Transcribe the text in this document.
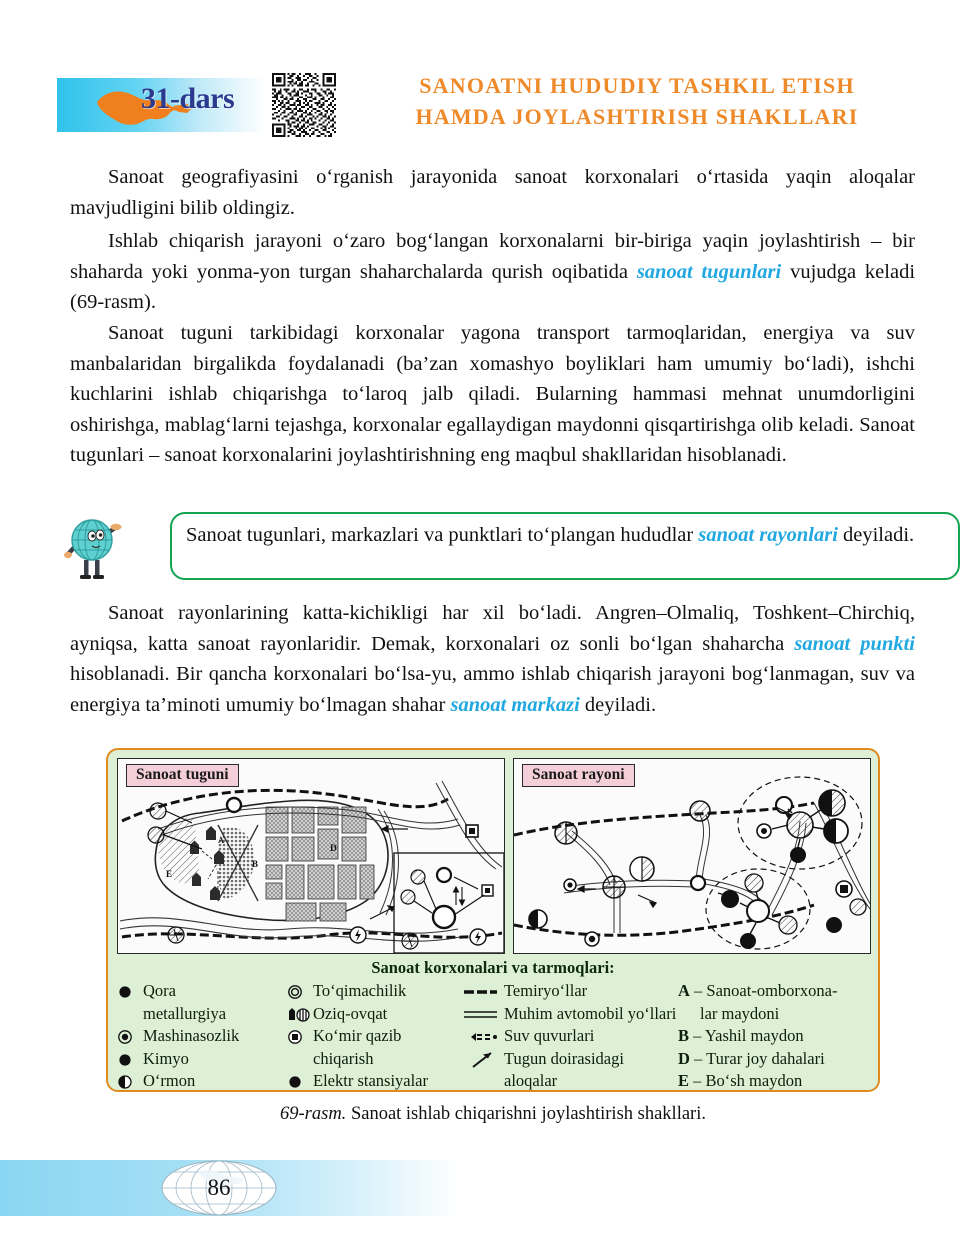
31-dars	SANOATNI HUDUDIY TASHKIL ETISH
HAMDA JOYLASHTIRISH SHAKLLARI
Sanoat geografiyasini o‘rganish jarayonida sanoat korxonalari o‘rtasida yaqin aloqalar mavjudligini bilib oldingiz.
Ishlab chiqarish jarayoni o‘zaro bog‘langan korxonalarni bir-biriga yaqin joylashtirish – bir shaharda yoki yonma-yon turgan shaharchalarda qurish oqibatida sanoat tugunlari vujudga keladi (69-rasm).
Sanoat tuguni tarkibidagi korxonalar yagona transport tarmoqlaridan, energiya va suv manbalaridan birgalikda foydalanadi (ba’zan xomashyo boyliklari ham umumiy bo‘ladi), ishchi kuchlarini ishlab chiqarishga to‘laroq jalb qiladi. Bularning hammasi mehnat unumdorligini oshirishga, mablag‘larni tejashga, korxonalar egallaydigan maydonni qisqartirishga olib keladi. Sanoat tugunlari – sanoat korxonalarini joylashtirishning eng maqbul shakllaridan hisoblanadi.
Sanoat tugunlari, markazlari va punktlari to‘plangan hududlar sanoat rayonlari deyiladi.
Sanoat rayonlarining katta-kichikligi har xil bo‘ladi. Angren–Olmaliq, Toshkent–Chirchiq, ayniqsa, katta sanoat rayonlaridir. Demak, korxonalari oz sonli bo‘lgan shaharcha sanoat punkti hisoblanadi. Bir qancha korxonalari bo‘lsa-yu, ammo ishlab chiqarish jarayoni bog‘lanmagan, suv va energiya ta’minoti umumiy bo‘lmagan shahar sanoat markazi deyiladi.
Sanoat tuguni
E
B
D
A
Sanoat rayoni
Sanoat korxonalari va tarmoqlari:
Qora
metallurgiya
Mashinasozlik
Kimyo
O‘rmon
To‘qimachilik
Oziq-ovqat
Ko‘mir qazib
chiqarish
Elektr stansiyalar
Temiryo‘llar
Muhim avtomobil yo‘llari
Suv quvurlari
Tugun doirasidagi
aloqalar
A – Sanoat-omborxona-
lar maydoni
B – Yashil maydon
D – Turar joy dahalari
E – Bo‘sh maydon
69-rasm. Sanoat ishlab chiqarishni joylashtirish shakllari.
86
